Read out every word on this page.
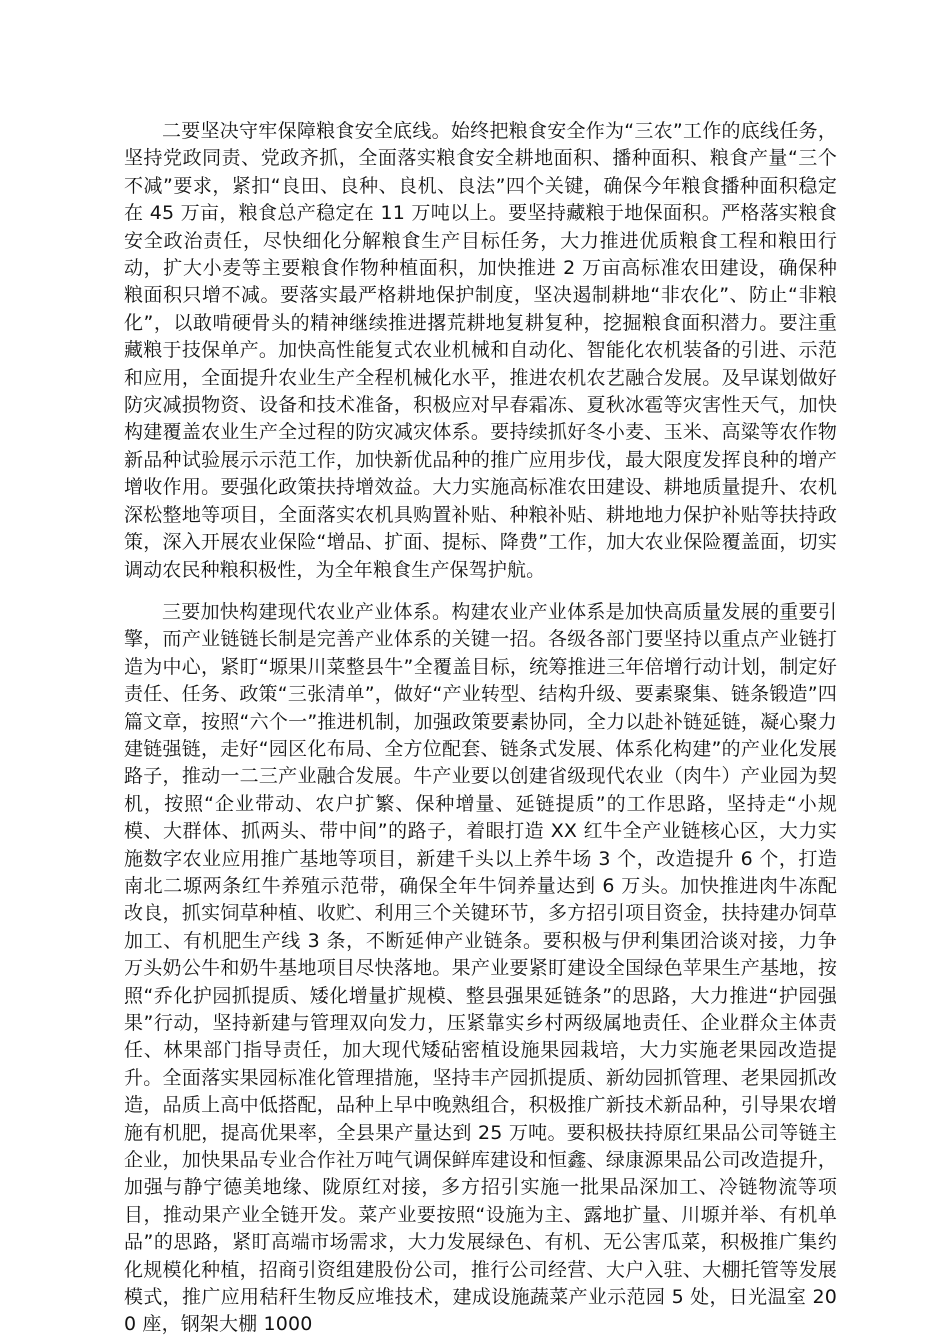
二要坚决守牢保障粮食安全底线。始终把粮食安全作为“三农”工作的底线任务，坚持党政同责、党政齐抓，全面落实粮食安全耕地面积、播种面积、粮食产量“三个不减”要求，紧扣“良田、良种、良机、良法”四个关键，确保今年粮食播种面积稳定在 45 万亩，粮食总产稳定在 11 万吨以上。要坚持藏粮于地保面积。严格落实粮食安全政治责任，尽快细化分解粮食生产目标任务，大力推进优质粮食工程和粮田行动，扩大小麦等主要粮食作物种植面积，加快推进 2 万亩高标准农田建设，确保种粮面积只增不减。要落实最严格耕地保护制度，坚决遏制耕地“非农化”、防止“非粮化”，以敢啃硬骨头的精神继续推进撂荒耕地复耕复种，挖掘粮食面积潜力。要注重藏粮于技保单产。加快高性能复式农业机械和自动化、智能化农机装备的引进、示范和应用，全面提升农业生产全程机械化水平，推进农机农艺融合发展。及早谋划做好防灾减损物资、设备和技术准备，积极应对早春霜冻、夏秋冰雹等灾害性天气，加快构建覆盖农业生产全过程的防灾减灾体系。要持续抓好冬小麦、玉米、高粱等农作物新品种试验展示示范工作，加快新优品种的推广应用步伐，最大限度发挥良种的增产增收作用。要强化政策扶持增效益。大力实施高标准农田建设、耕地质量提升、农机深松整地等项目，全面落实农机具购置补贴、种粮补贴、耕地地力保护补贴等扶持政策，深入开展农业保险“增品、扩面、提标、降费”工作，加大农业保险覆盖面，切实调动农民种粮积极性，为全年粮食生产保驾护航。

三要加快构建现代农业产业体系。构建农业产业体系是加快高质量发展的重要引擎，而产业链链长制是完善产业体系的关键一招。各级各部门要坚持以重点产业链打造为中心，紧盯“塬果川菜整县牛”全覆盖目标，统筹推进三年倍增行动计划，制定好责任、任务、政策“三张清单”，做好“产业转型、结构升级、要素聚集、链条锻造”四篇文章，按照“六个一”推进机制，加强政策要素协同，全力以赴补链延链，凝心聚力建链强链，走好“园区化布局、全方位配套、链条式发展、体系化构建”的产业化发展路子，推动一二三产业融合发展。牛产业要以创建省级现代农业（肉牛）产业园为契机，按照“企业带动、农户扩繁、保种增量、延链提质”的工作思路，坚持走“小规模、大群体、抓两头、带中间”的路子，着眼打造 XX 红牛全产业链核心区，大力实施数字农业应用推广基地等项目，新建千头以上养牛场 3 个，改造提升 6 个，打造南北二塬两条红牛养殖示范带，确保全年牛饲养量达到 6 万头。加快推进肉牛冻配改良，抓实饲草种植、收贮、利用三个关键环节，多方招引项目资金，扶持建办饲草加工、有机肥生产线 3 条，不断延伸产业链条。要积极与伊利集团洽谈对接，力争万头奶公牛和奶牛基地项目尽快落地。果产业要紧盯建设全国绿色苹果生产基地，按照“乔化护园抓提质、矮化增量扩规模、整县强果延链条”的思路，大力推进“护园强果”行动，坚持新建与管理双向发力，压紧靠实乡村两级属地责任、企业群众主体责任、林果部门指导责任，加大现代矮砧密植设施果园栽培，大力实施老果园改造提升。全面落实果园标准化管理措施，坚持丰产园抓提质、新幼园抓管理、老果园抓改造，品质上高中低搭配，品种上早中晚熟组合，积极推广新技术新品种，引导果农增施有机肥，提高优果率，全县果产量达到 25 万吨。要积极扶持原红果品公司等链主企业，加快果品专业合作社万吨气调保鲜库建设和恒鑫、绿康源果品公司改造提升，加强与静宁德美地缘、陇原红对接，多方招引实施一批果品深加工、冷链物流等项目，推动果产业全链开发。菜产业要按照“设施为主、露地扩量、川塬并举、有机单品”的思路，紧盯高端市场需求，大力发展绿色、有机、无公害瓜菜，积极推广集约化规模化种植，招商引资组建股份公司，推行公司经营、大户入驻、大棚托管等发展模式，推广应用秸秆生物反应堆技术，建成设施蔬菜产业示范园 5 处，日光温室 200 座，钢架大棚 1000
